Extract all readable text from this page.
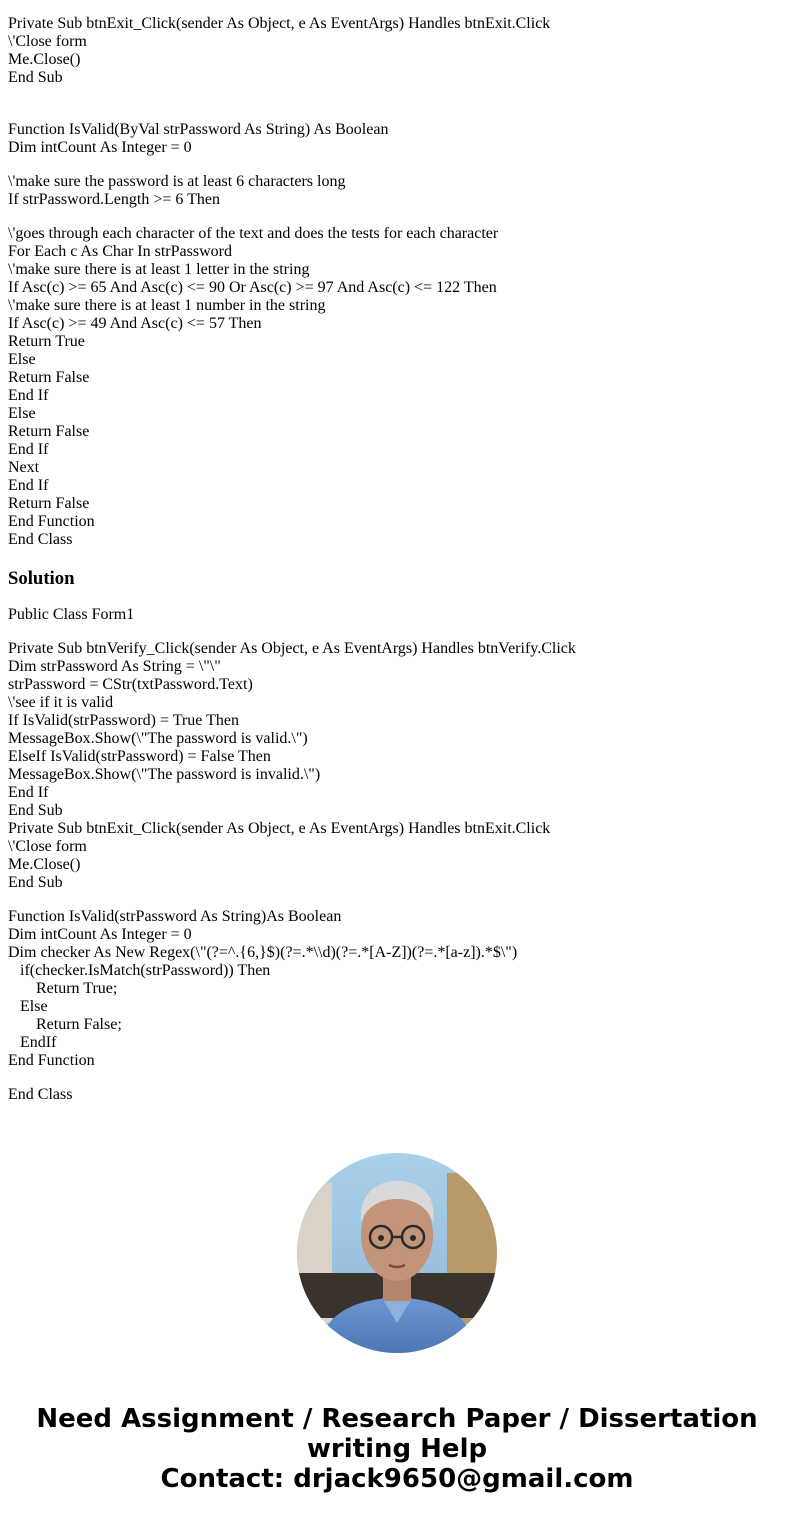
Private Sub btnExit_Click(sender As Object, e As EventArgs) Handles btnExit.Click
\'Close form
Me.Close()
End Sub
Function IsValid(ByVal strPassword As String) As Boolean
Dim intCount As Integer = 0
\'make sure the password is at least 6 characters long
If strPassword.Length >= 6 Then
\'goes through each character of the text and does the tests for each character
For Each c As Char In strPassword
\'make sure there is at least 1 letter in the string
If Asc(c) >= 65 And Asc(c) <= 90 Or Asc(c) >= 97 And Asc(c) <= 122 Then
\'make sure there is at least 1 number in the string
If Asc(c) >= 49 And Asc(c) <= 57 Then
Return True
Else
Return False
End If
Else
Return False
End If
Next
End If
Return False
End Function
End Class
Solution
Public Class Form1
Private Sub btnVerify_Click(sender As Object, e As EventArgs) Handles btnVerify.Click
Dim strPassword As String = \"\"
strPassword = CStr(txtPassword.Text)
\'see if it is valid
If IsValid(strPassword) = True Then
MessageBox.Show(\"The password is valid.\")
ElseIf IsValid(strPassword) = False Then
MessageBox.Show(\"The password is invalid.\")
End If
End Sub
Private Sub btnExit_Click(sender As Object, e As EventArgs) Handles btnExit.Click
\'Close form
Me.Close()
End Sub
Function IsValid(strPassword As String)As Boolean
Dim intCount As Integer = 0
Dim checker As New Regex(\"(?=^.{6,}$)(?=.*\\d)(?=.*[A-Z])(?=.*[a-z]).*$\")
if(checker.IsMatch(strPassword)) Then
Return True;
Else
Return False;
EndIf
End Function
End Class
Need Assignment / Research Paper / Dissertation
writing Help
Contact: drjack9650@gmail.com
